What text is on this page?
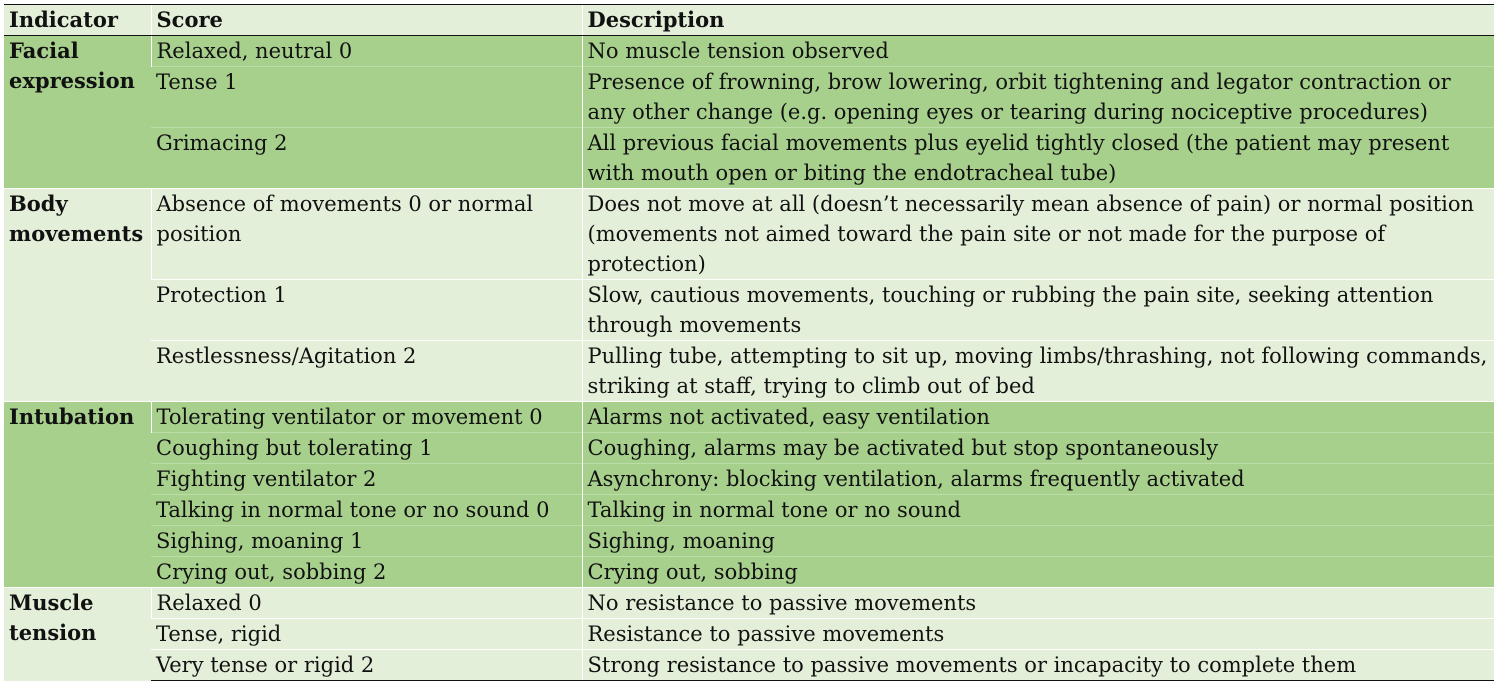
Indicator	Score	Description
Facial expression	Relaxed, neutral 0	No muscle tension observed
	Tense 1	Presence of frowning, brow lowering, orbit tightening and legator contraction or any other change (e.g. opening eyes or tearing during nociceptive procedures)
	Grimacing 2	All previous facial movements plus eyelid tightly closed (the patient may present with mouth open or biting the endotracheal tube)
Body movements	Absence of movements 0 or normal position	Does not move at all (doesn’t necessarily mean absence of pain) or normal position (movements not aimed toward the pain site or not made for the purpose of protection)
	Protection 1	Slow, cautious movements, touching or rubbing the pain site, seeking attention through movements
	Restlessness/Agitation 2	Pulling tube, attempting to sit up, moving limbs/thrashing, not following commands, striking at staff, trying to climb out of bed
Intubation	Tolerating ventilator or movement 0	Alarms not activated, easy ventilation
	Coughing but tolerating 1	Coughing, alarms may be activated but stop spontaneously
	Fighting ventilator 2	Asynchrony: blocking ventilation, alarms frequently activated
	Talking in normal tone or no sound 0	Talking in normal tone or no sound
	Sighing, moaning 1	Sighing, moaning
	Crying out, sobbing 2	Crying out, sobbing
Muscle tension	Relaxed 0	No resistance to passive movements
	Tense, rigid	Resistance to passive movements
	Very tense or rigid 2	Strong resistance to passive movements or incapacity to complete them
